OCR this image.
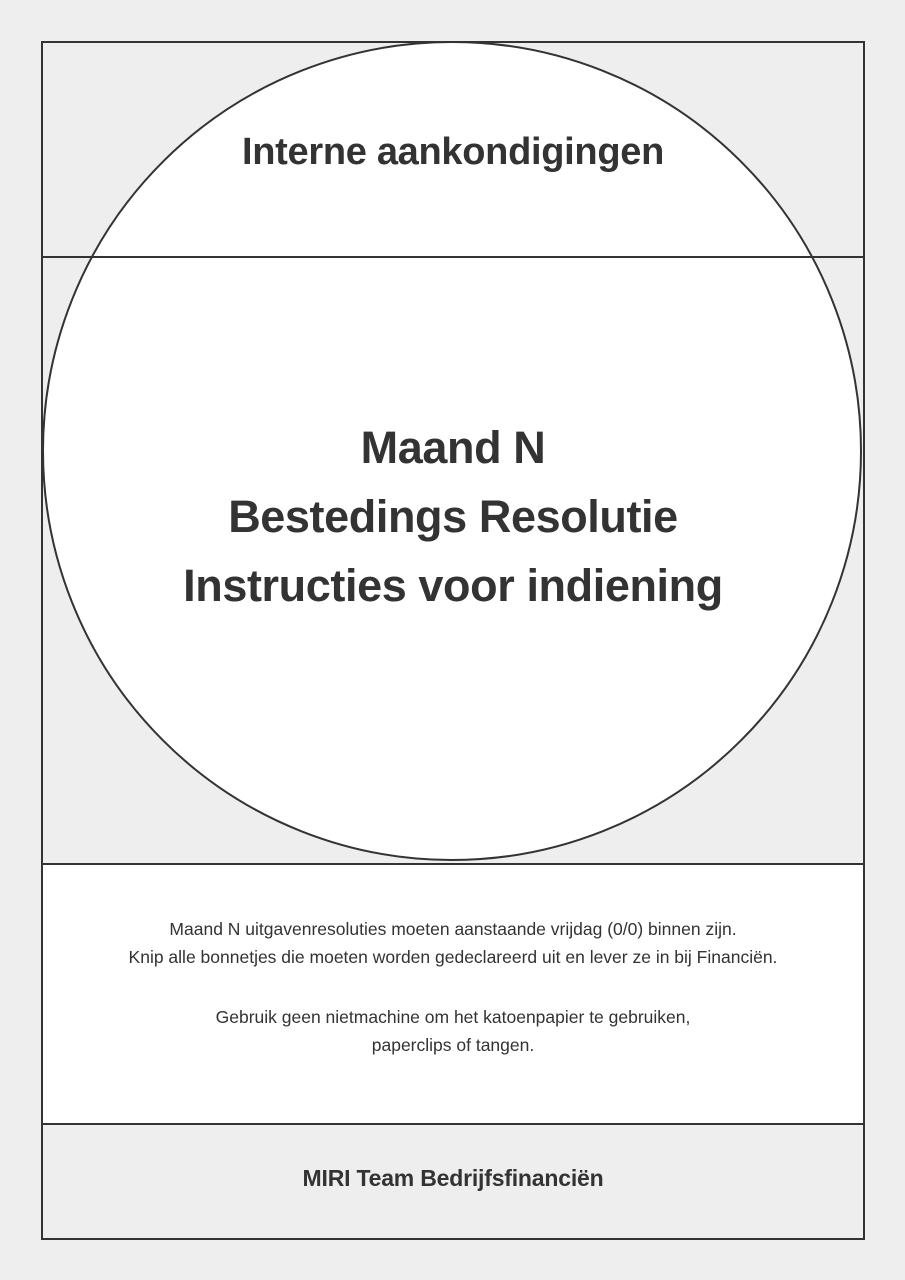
Maand N uitgavenresoluties moeten aanstaande vrijdag (0/0) binnen zijn.
Knip alle bonnetjes die moeten worden gedeclareerd uit en lever ze in bij Financiën.
Gebruik geen nietmachine om het katoenpapier te gebruiken,
paperclips of tangen.
Interne aankondigingen
Maand N
Bestedings Resolutie
Instructies voor indiening
MIRI Team Bedrijfsfinanciën
